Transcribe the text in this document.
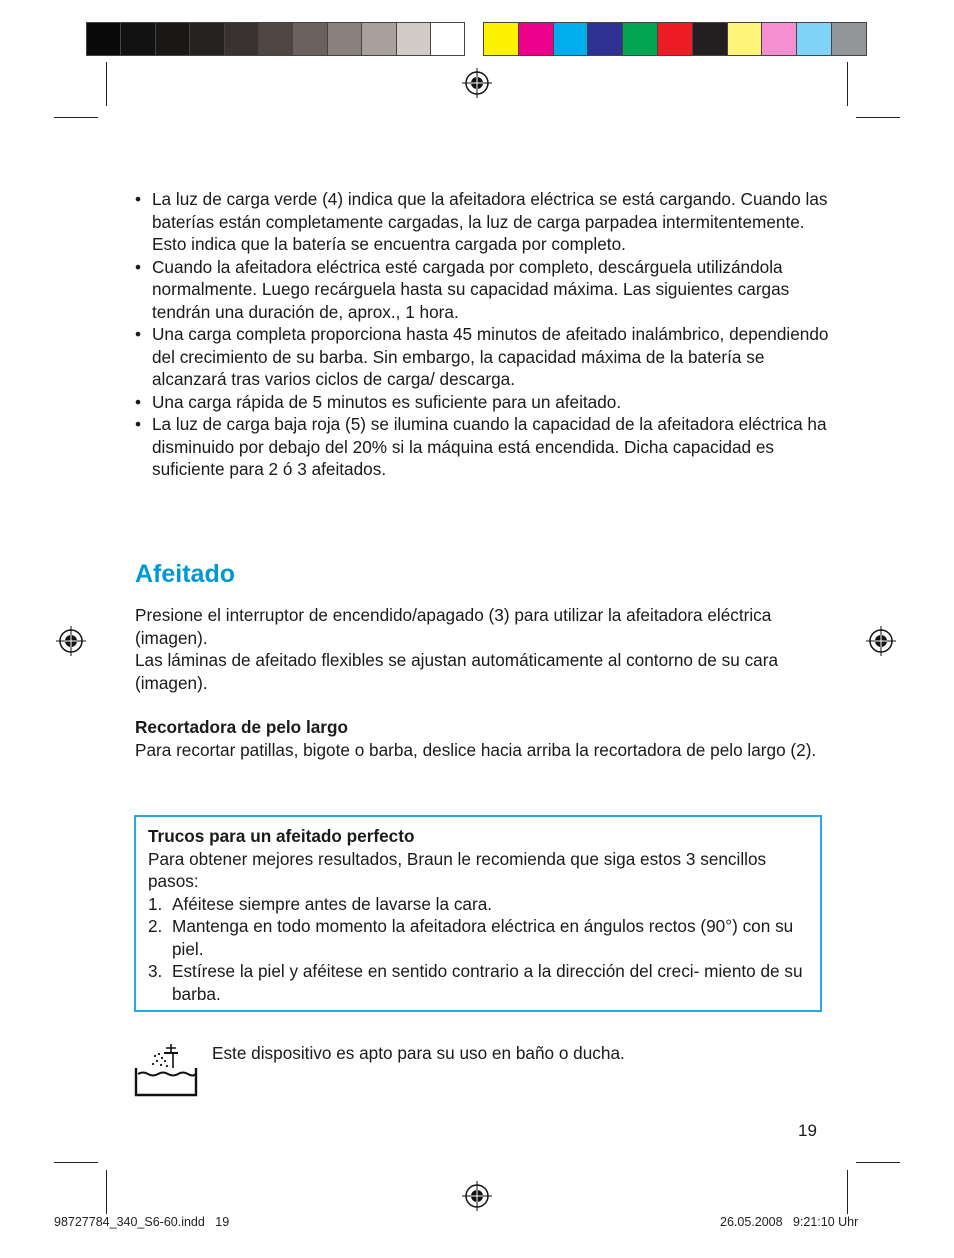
• La luz de carga verde (4) indica que la afeitadora eléctrica se está cargando. Cuando las baterías están completamente cargadas, la luz de carga parpadea intermitentemente. Esto indica que la batería se encuentra cargada por completo.
• Cuando la afeitadora eléctrica esté cargada por completo, descárguela utilizándola normalmente. Luego recárguela hasta su capacidad máxima. Las siguientes cargas tendrán una duración de, aprox., 1 hora.
• Una carga completa proporciona hasta 45 minutos de afeitado inalámbrico, dependiendo del crecimiento de su barba. Sin embargo, la capacidad máxima de la batería se alcanzará tras varios ciclos de carga/ descarga.
• Una carga rápida de 5 minutos es suficiente para un afeitado.
• La luz de carga baja roja (5) se ilumina cuando la capacidad de la afeitadora eléctrica ha disminuido por debajo del 20% si la máquina está encendida. Dicha capacidad es suficiente para 2 ó 3 afeitados.
Afeitado
Presione el interruptor de encendido/apagado (3) para utilizar la afeitadora eléctrica (imagen).
Las láminas de afeitado flexibles se ajustan automáticamente al contorno de su cara (imagen).
Recortadora de pelo largo
Para recortar patillas, bigote o barba, deslice hacia arriba la recortadora de pelo largo (2).
Trucos para un afeitado perfecto
Para obtener mejores resultados, Braun le recomienda que siga estos 3 sencillos pasos:
1. Aféitese siempre antes de lavarse la cara.
2. Mantenga en todo momento la afeitadora eléctrica en ángulos rectos (90°) con su piel.
3. Estírese la piel y aféitese en sentido contrario a la dirección del creci- miento de su barba.
Este dispositivo es apto para su uso en baño o ducha.
19
98727784_340_S6-60.indd   19	26.05.2008   9:21:10 Uhr
